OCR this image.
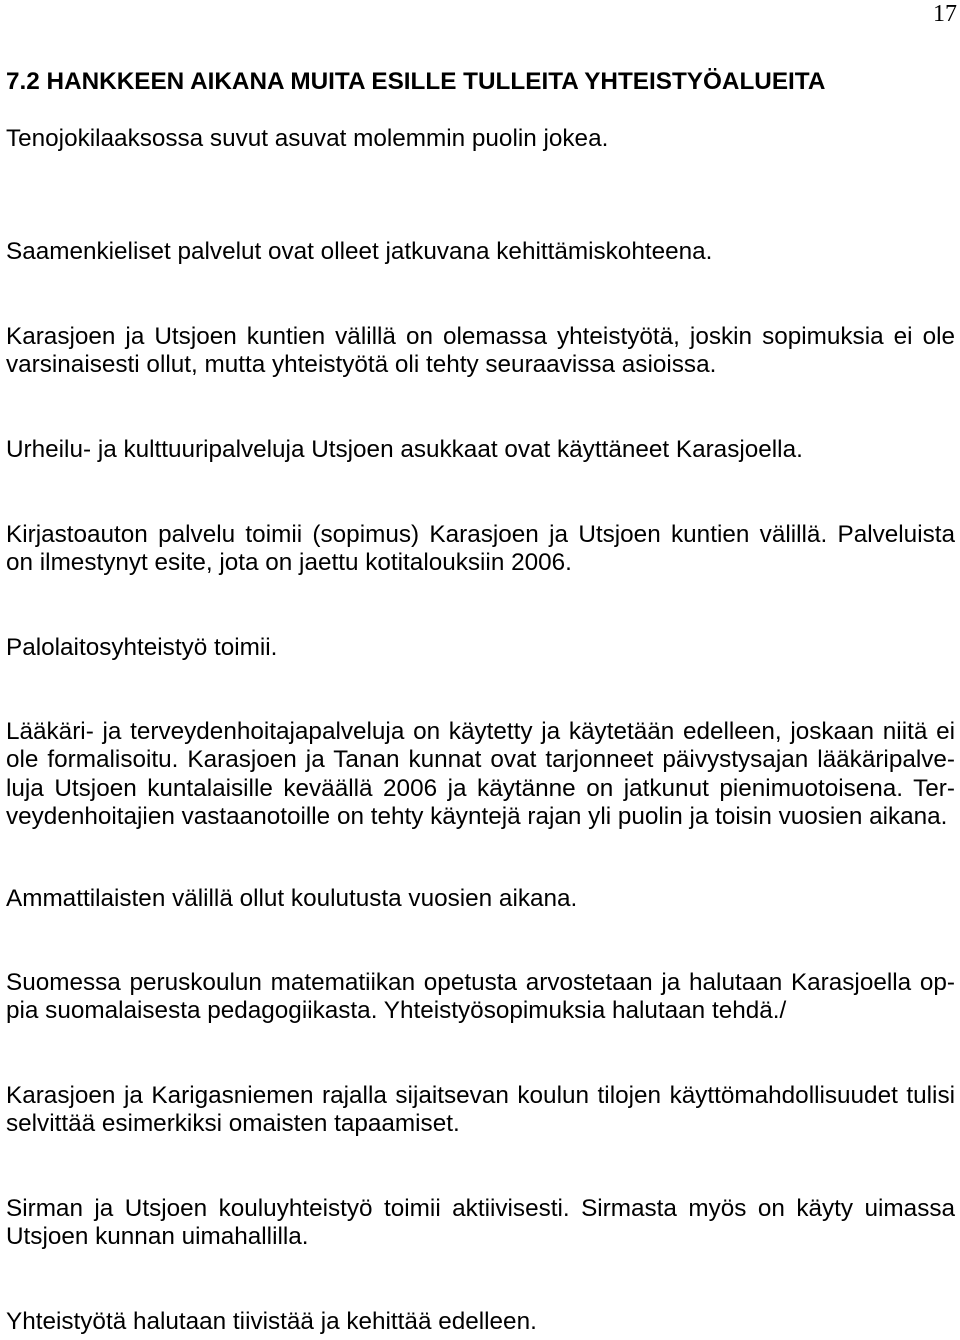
17
7.2 HANKKEEN AIKANA MUITA ESILLE TULLEITA YHTEISTYÖALUEITA
Tenojokilaaksossa suvut asuvat molemmin puolin jokea.
Saamenkieliset palvelut ovat olleet jatkuvana kehittämiskohteena.
Karasjoen ja Utsjoen kuntien välillä on olemassa yhteistyötä, joskin sopimuksia ei ole
varsinaisesti ollut, mutta yhteistyötä oli tehty seuraavissa asioissa.
Urheilu- ja kulttuuripalveluja Utsjoen asukkaat ovat käyttäneet Karasjoella.
Kirjastoauton palvelu toimii (sopimus) Karasjoen ja Utsjoen kuntien välillä. Palveluista
on ilmestynyt esite, jota on jaettu kotitalouksiin 2006.
Palolaitosyhteistyö toimii.
Lääkäri- ja terveydenhoitajapalveluja on käytetty ja käytetään edelleen, joskaan niitä ei
ole formalisoitu. Karasjoen ja Tanan kunnat ovat tarjonneet päivystysajan lääkäripalve-
luja Utsjoen kuntalaisille keväällä 2006 ja käytänne on jatkunut pienimuotoisena. Ter-
veydenhoitajien vastaanotoille on tehty käyntejä rajan yli puolin ja toisin vuosien aikana.
Ammattilaisten välillä ollut koulutusta vuosien aikana.
Suomessa peruskoulun matematiikan opetusta arvostetaan ja halutaan Karasjoella op-
pia suomalaisesta pedagogiikasta. Yhteistyösopimuksia halutaan tehdä./
Karasjoen ja Karigasniemen rajalla sijaitsevan koulun tilojen käyttömahdollisuudet tulisi
selvittää esimerkiksi omaisten tapaamiset.
Sirman ja Utsjoen kouluyhteistyö toimii aktiivisesti. Sirmasta myös on käyty uimassa
Utsjoen kunnan uimahallilla.
Yhteistyötä halutaan tiivistää ja kehittää edelleen.
